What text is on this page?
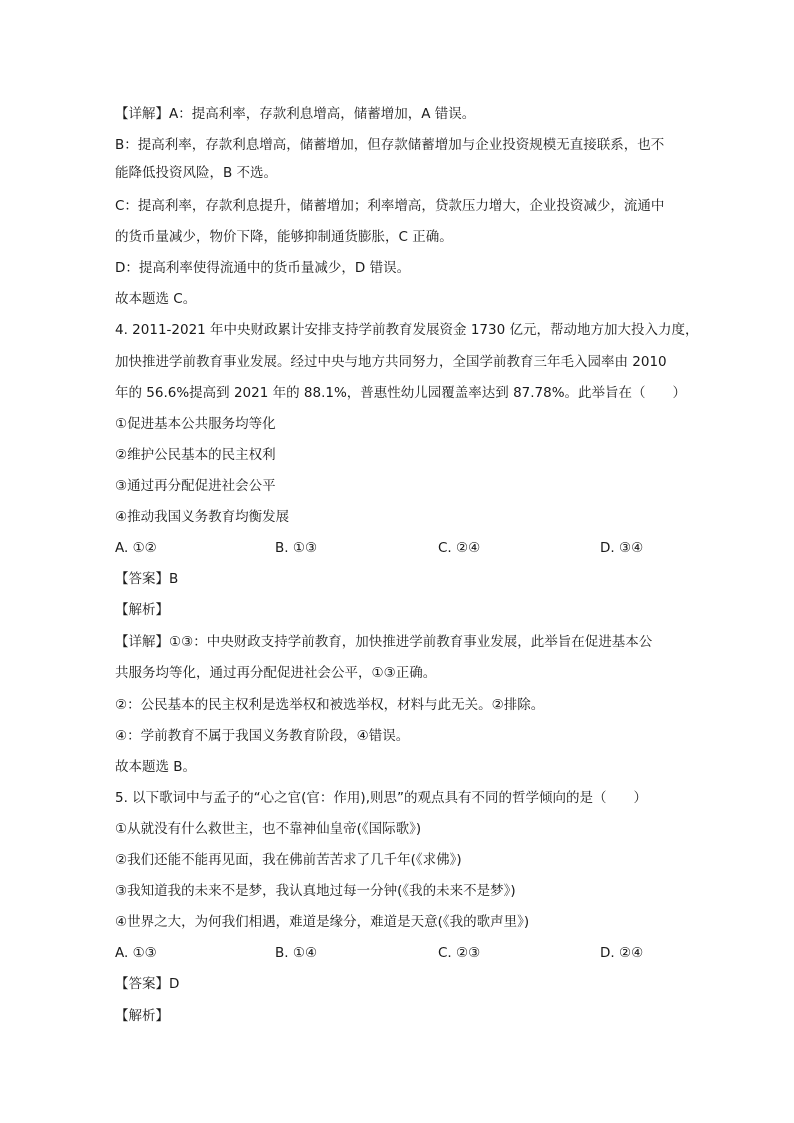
【详解】A：提高利率，存款利息增高，储蓄增加，A 错误。
B：提高利率，存款利息增高，储蓄增加，但存款储蓄增加与企业投资规模无直接联系，也不
能降低投资风险，B 不选。
C：提高利率，存款利息提升，储蓄增加；利率增高，贷款压力增大，企业投资减少，流通中
的货币量减少，物价下降，能够抑制通货膨胀，C 正确。
D：提高利率使得流通中的货币量减少，D 错误。
故本题选 C。
4. 2011-2021 年中央财政累计安排支持学前教育发展资金 1730 亿元，帮动地方加大投入力度，
加快推进学前教育事业发展。经过中央与地方共同努力，全国学前教育三年毛入园率由 2010
年的 56.6%提高到 2021 年的 88.1%，普惠性幼儿园覆盖率达到 87.78%。此举旨在（　　）
①促进基本公共服务均等化
②维护公民基本的民主权利
③通过再分配促进社会公平
④推动我国义务教育均衡发展
A. ①②	B. ①③	C. ②④	D. ③④
【答案】B
【解析】
【详解】①③：中央财政支持学前教育，加快推进学前教育事业发展，此举旨在促进基本公
共服务均等化，通过再分配促进社会公平，①③正确。
②：公民基本的民主权利是选举权和被选举权，材料与此无关。②排除。
④：学前教育不属于我国义务教育阶段，④错误。
故本题选 B。
5. 以下歌词中与孟子的“心之官(官：作用),则思”的观点具有不同的哲学倾向的是（　　）
①从就没有什么救世主，也不靠神仙皇帝(《国际歌》)
②我们还能不能再见面，我在佛前苦苦求了几千年(《求佛》)
③我知道我的未来不是梦，我认真地过每一分钟(《我的未来不是梦》)
④世界之大，为何我们相遇，难道是缘分，难道是天意(《我的歌声里》)
A. ①③	B. ①④	C. ②③	D. ②④
【答案】D
【解析】
